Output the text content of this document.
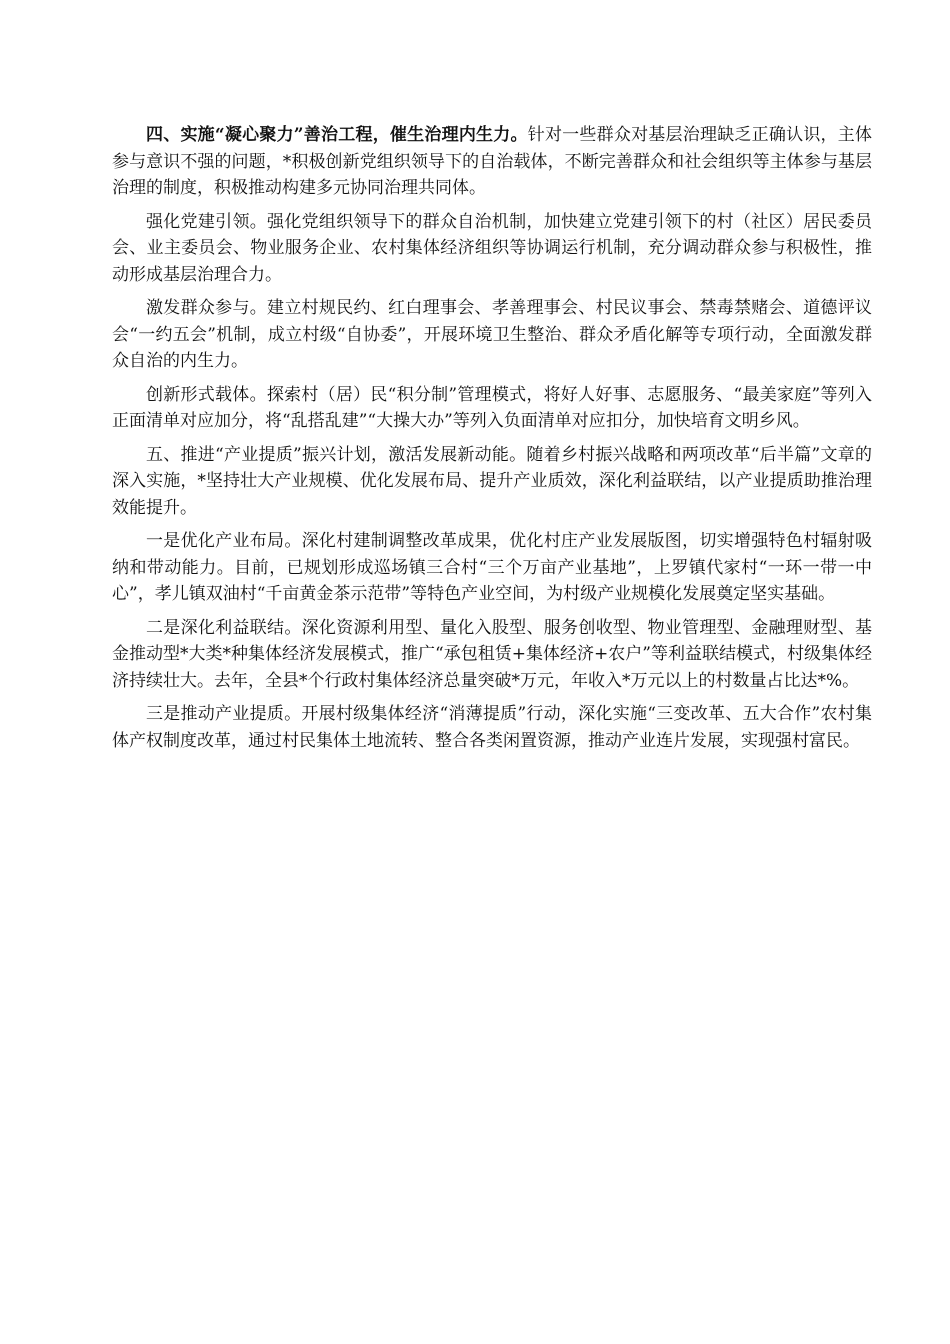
四、实施“凝心聚力”善治工程，催生治理内生力。针对一些群众对基层治理缺乏正确认识，主体参与意识不强的问题，*积极创新党组织领导下的自治载体，不断完善群众和社会组织等主体参与基层治理的制度，积极推动构建多元协同治理共同体。

强化党建引领。强化党组织领导下的群众自治机制，加快建立党建引领下的村（社区）居民委员会、业主委员会、物业服务企业、农村集体经济组织等协调运行机制，充分调动群众参与积极性，推动形成基层治理合力。

激发群众参与。建立村规民约、红白理事会、孝善理事会、村民议事会、禁毒禁赌会、道德评议会“一约五会”机制，成立村级“自协委”，开展环境卫生整治、群众矛盾化解等专项行动，全面激发群众自治的内生力。

创新形式载体。探索村（居）民“积分制”管理模式，将好人好事、志愿服务、“最美家庭”等列入正面清单对应加分，将“乱搭乱建”“大操大办”等列入负面清单对应扣分，加快培育文明乡风。

五、推进“产业提质”振兴计划，激活发展新动能。随着乡村振兴战略和两项改革“后半篇”文章的深入实施，*坚持壮大产业规模、优化发展布局、提升产业质效，深化利益联结，以产业提质助推治理效能提升。

一是优化产业布局。深化村建制调整改革成果，优化村庄产业发展版图，切实增强特色村辐射吸纳和带动能力。目前，已规划形成巡场镇三合村“三个万亩产业基地”，上罗镇代家村“一环一带一中心”，孝儿镇双油村“千亩黄金茶示范带”等特色产业空间，为村级产业规模化发展奠定坚实基础。

二是深化利益联结。深化资源利用型、量化入股型、服务创收型、物业管理型、金融理财型、基金推动型*大类*种集体经济发展模式，推广“承包租赁+集体经济+农户”等利益联结模式，村级集体经济持续壮大。去年，全县*个行政村集体经济总量突破*万元，年收入*万元以上的村数量占比达*%。

三是推动产业提质。开展村级集体经济“消薄提质”行动，深化实施“三变改革、五大合作”农村集体产权制度改革，通过村民集体土地流转、整合各类闲置资源，推动产业连片发展，实现强村富民。
